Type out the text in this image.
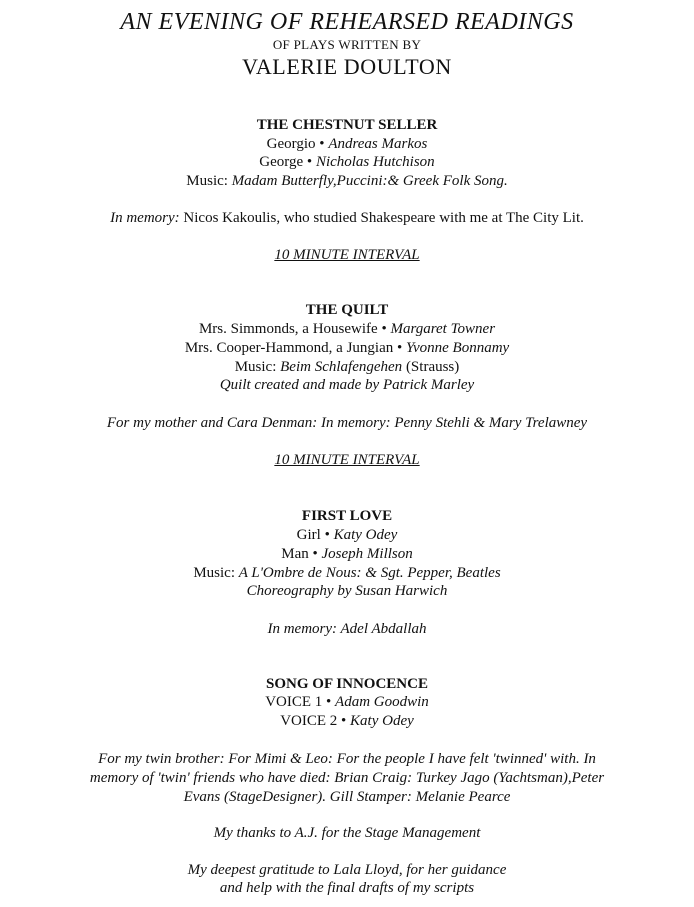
AN EVENING OF REHEARSED READINGS
OF PLAYS WRITTEN BY
VALERIE DOULTON
THE CHESTNUT SELLER
Georgio • Andreas Markos
George • Nicholas Hutchison
Music: Madam Butterfly,Puccini:& Greek Folk Song.
In memory: Nicos Kakoulis, who studied Shakespeare with me at The City Lit.
10 MINUTE INTERVAL
THE QUILT
Mrs. Simmonds, a Housewife • Margaret Towner
Mrs. Cooper-Hammond, a Jungian • Yvonne Bonnamy
Music: Beim Schlafengehen (Strauss)
Quilt created and made by Patrick Marley
For my mother and Cara Denman: In memory: Penny Stehli & Mary Trelawney
10 MINUTE INTERVAL
FIRST LOVE
Girl • Katy Odey
Man • Joseph Millson
Music: A L'Ombre de Nous: & Sgt. Pepper, Beatles
Choreography by Susan Harwich
In memory: Adel Abdallah
SONG OF INNOCENCE
VOICE 1 • Adam Goodwin
VOICE 2 • Katy Odey
For my twin brother: For Mimi & Leo: For the people I have felt 'twinned' with. In
memory of 'twin' friends who have died: Brian Craig: Turkey Jago (Yachtsman),Peter
Evans (StageDesigner). Gill Stamper: Melanie Pearce
My thanks to A.J. for the Stage Management
My deepest gratitude to Lala Lloyd, for her guidance
and help with the final drafts of my scripts
